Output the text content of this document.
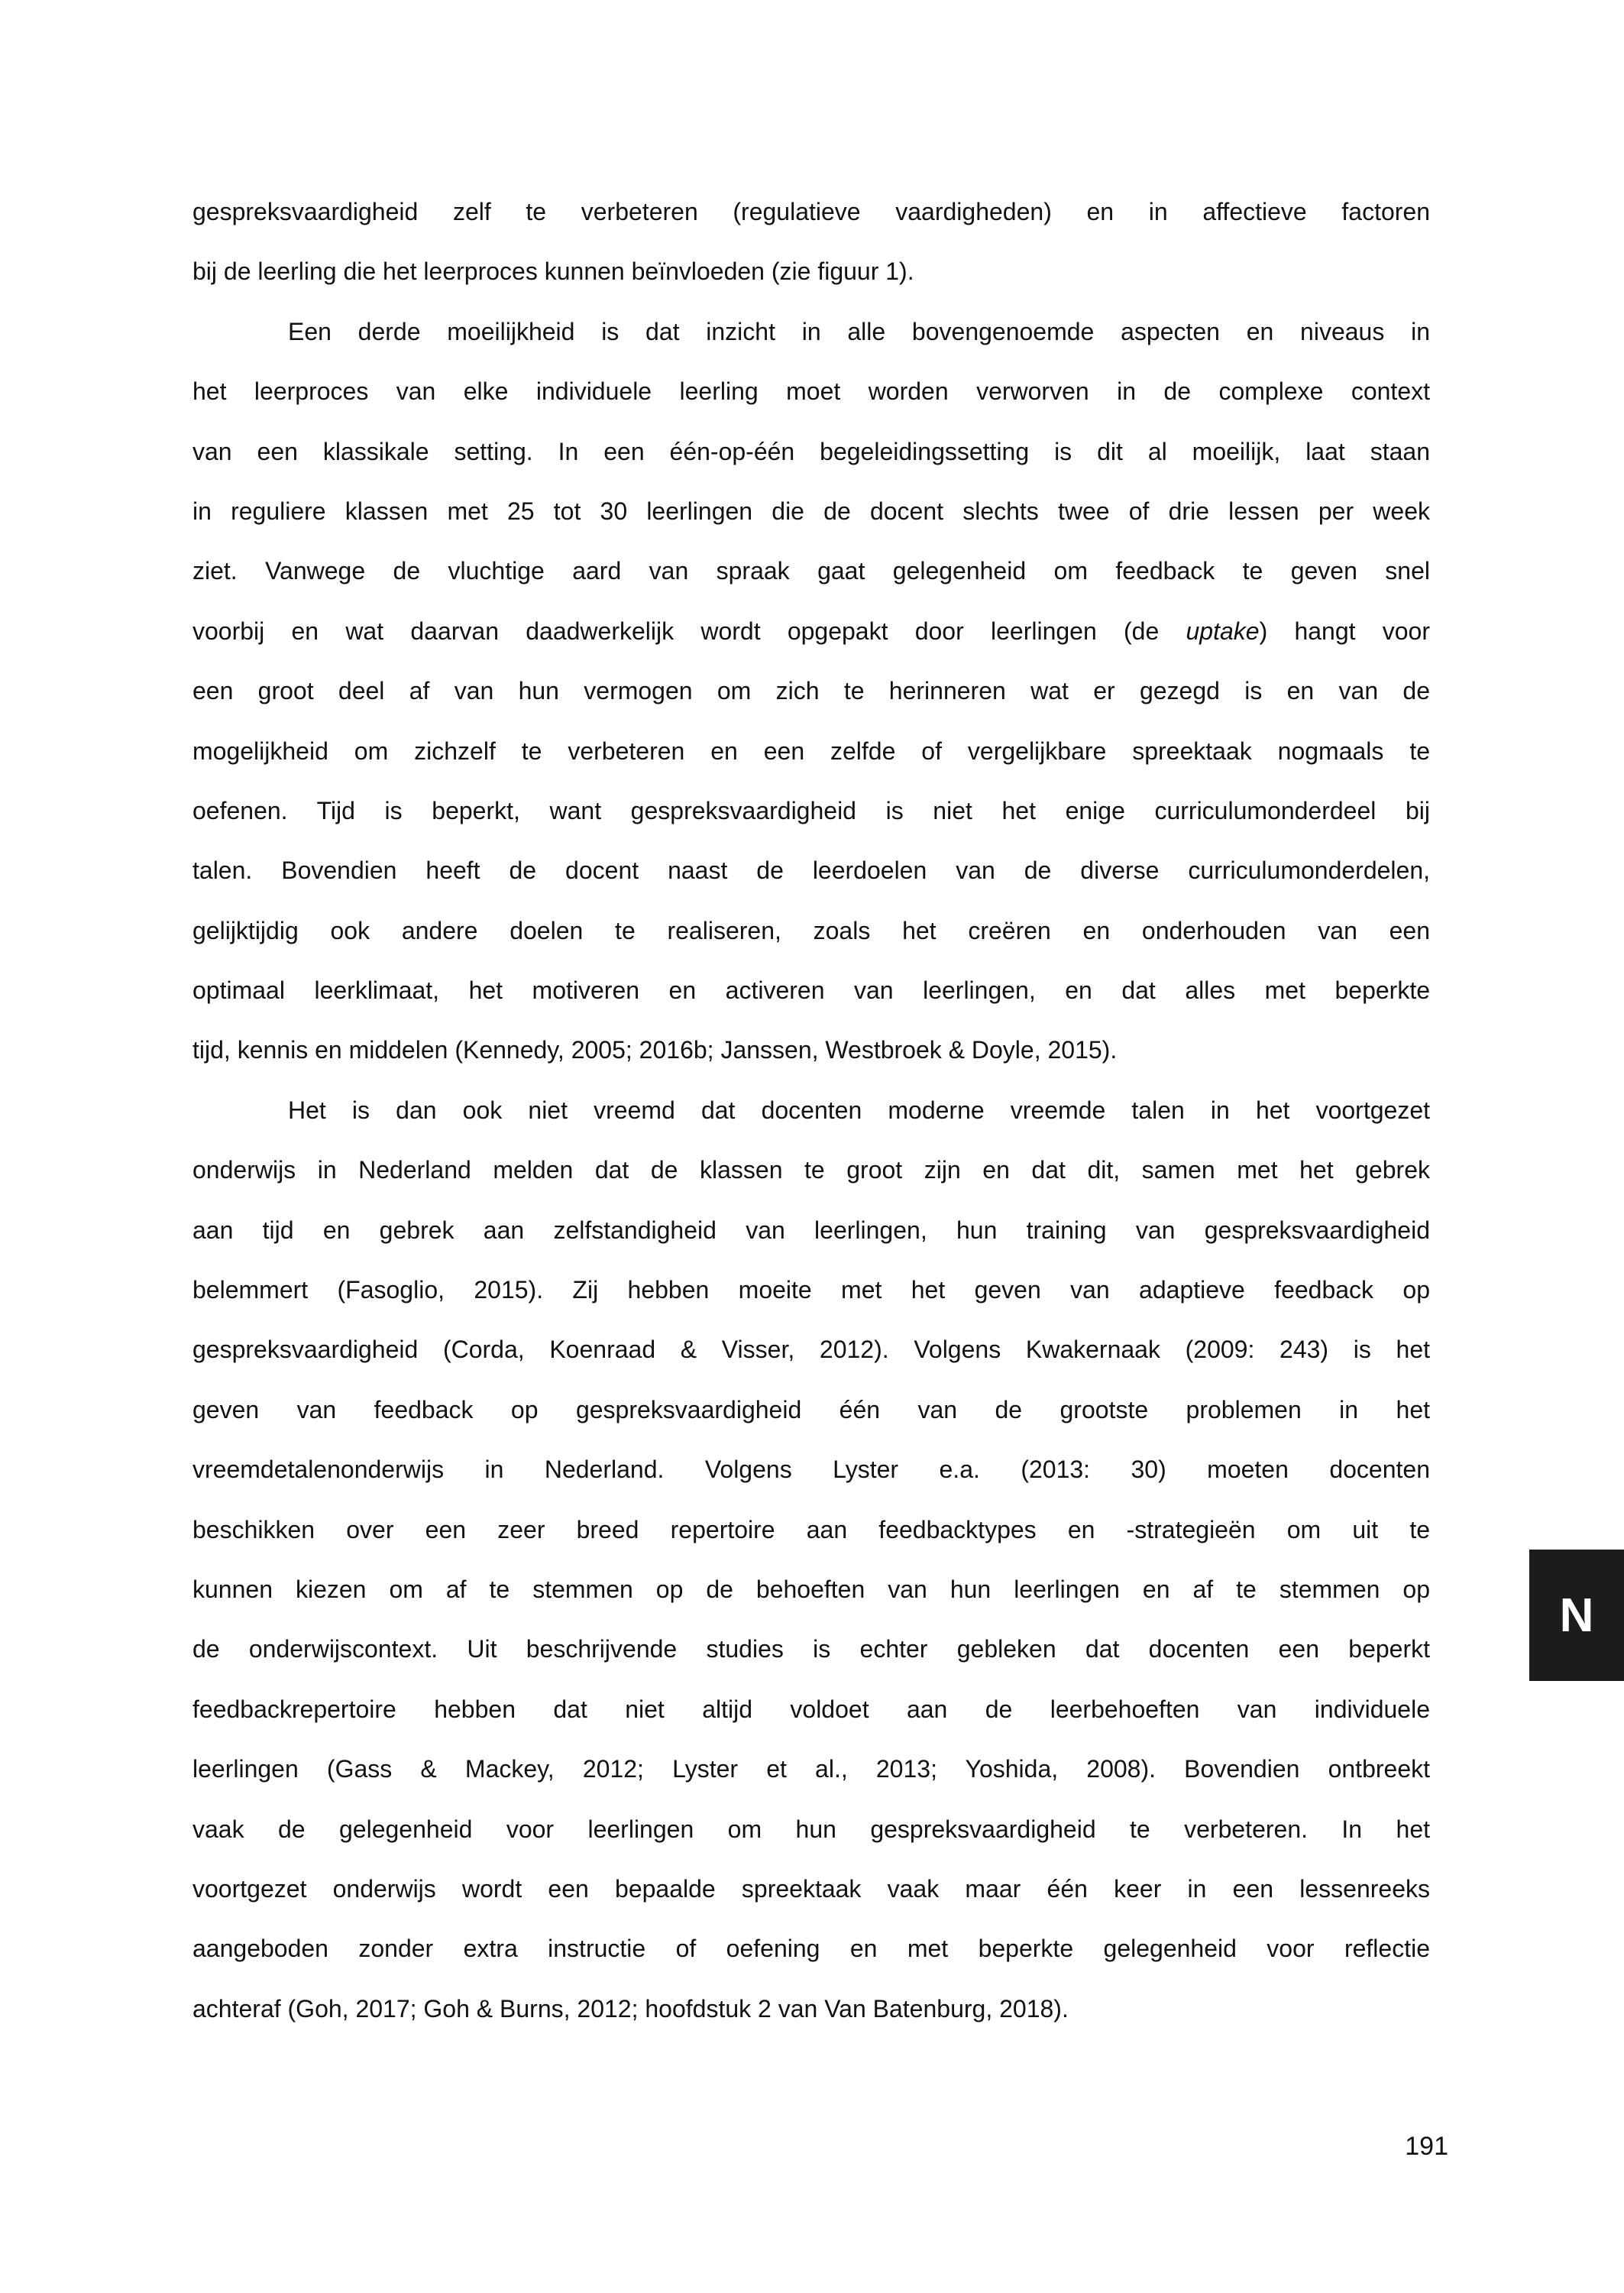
gespreksvaardigheid zelf te verbeteren (regulatieve vaardigheden) en in affectieve factoren
bij de leerling die het leerproces kunnen beïnvloeden (zie figuur 1).
Een derde moeilijkheid is dat inzicht in alle bovengenoemde aspecten en niveaus in
het leerproces van elke individuele leerling moet worden verworven in de complexe context
van een klassikale setting. In een één-op-één begeleidingssetting is dit al moeilijk, laat staan
in reguliere klassen met 25 tot 30 leerlingen die de docent slechts twee of drie lessen per week
ziet. Vanwege de vluchtige aard van spraak gaat gelegenheid om feedback te geven snel
voorbij en wat daarvan daadwerkelijk wordt opgepakt door leerlingen (de uptake) hangt voor
een groot deel af van hun vermogen om zich te herinneren wat er gezegd is en van de
mogelijkheid om zichzelf te verbeteren en een zelfde of vergelijkbare spreektaak nogmaals te
oefenen. Tijd is beperkt, want gespreksvaardigheid is niet het enige curriculumonderdeel bij
talen. Bovendien heeft de docent naast de leerdoelen van de diverse curriculumonderdelen,
gelijktijdig ook andere doelen te realiseren, zoals het creëren en onderhouden van een
optimaal leerklimaat, het motiveren en activeren van leerlingen, en dat alles met beperkte
tijd, kennis en middelen (Kennedy, 2005; 2016b; Janssen, Westbroek & Doyle, 2015).
Het is dan ook niet vreemd dat docenten moderne vreemde talen in het voortgezet
onderwijs in Nederland melden dat de klassen te groot zijn en dat dit, samen met het gebrek
aan tijd en gebrek aan zelfstandigheid van leerlingen, hun training van gespreksvaardigheid
belemmert (Fasoglio, 2015). Zij hebben moeite met het geven van adaptieve feedback op
gespreksvaardigheid (Corda, Koenraad & Visser, 2012). Volgens Kwakernaak (2009: 243) is het
geven van feedback op gespreksvaardigheid één van de grootste problemen in het
vreemdetalenonderwijs in Nederland. Volgens Lyster e.a. (2013: 30) moeten docenten
beschikken over een zeer breed repertoire aan feedbacktypes en -strategieën om uit te
kunnen kiezen om af te stemmen op de behoeften van hun leerlingen en af te stemmen op
de onderwijscontext. Uit beschrijvende studies is echter gebleken dat docenten een beperkt
feedbackrepertoire hebben dat niet altijd voldoet aan de leerbehoeften van individuele
leerlingen (Gass & Mackey, 2012; Lyster et al., 2013; Yoshida, 2008). Bovendien ontbreekt
vaak de gelegenheid voor leerlingen om hun gespreksvaardigheid te verbeteren. In het
voortgezet onderwijs wordt een bepaalde spreektaak vaak maar één keer in een lessenreeks
aangeboden zonder extra instructie of oefening en met beperkte gelegenheid voor reflectie
achteraf (Goh, 2017; Goh & Burns, 2012; hoofdstuk 2 van Van Batenburg, 2018).
N
191
